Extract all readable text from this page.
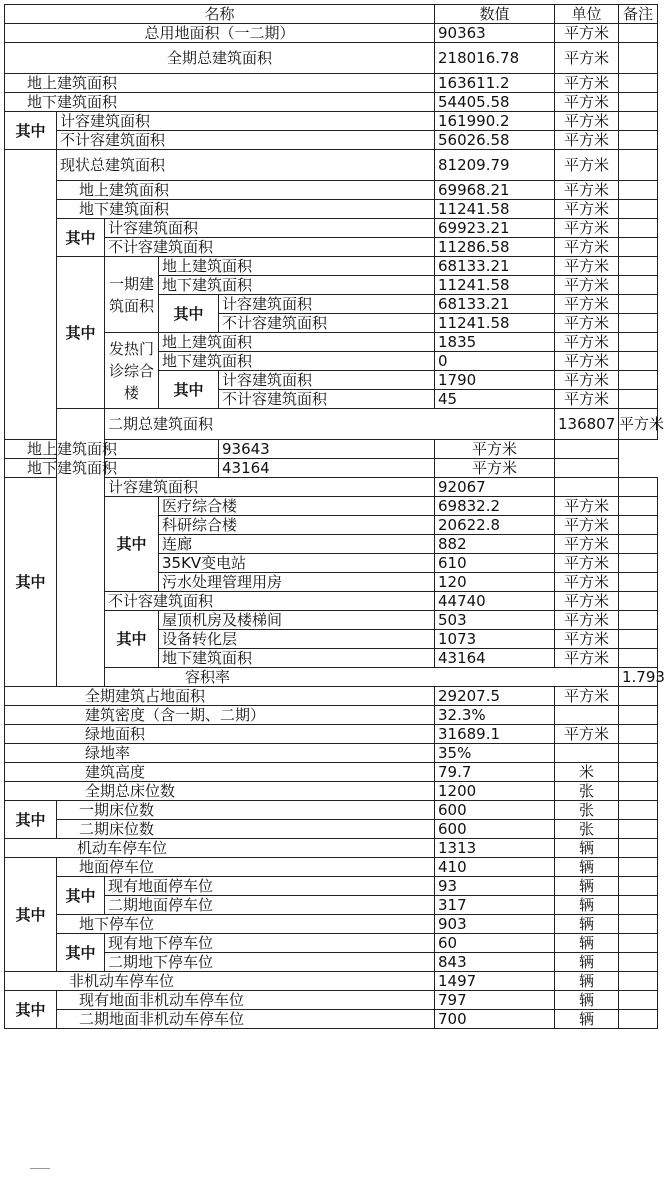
名称					数值	单位	备注	
总用地面积（一二期）					90363	平方米		
全期总建筑面积					218016.78	平方米		
地上建筑面积					163611.2	平方米		
地下建筑面积					54405.58	平方米		
其中	计容建筑面积				161990.2	平方米		
	不计容建筑面积				56026.58	平方米		
	现状总建筑面积				81209.79	平方米		
	地上建筑面积				69968.21	平方米		
	地下建筑面积				11241.58	平方米		
	其中	计容建筑面积			69923.21	平方米		
		不计容建筑面积			11286.58	平方米		
	其中	一期建筑面积	地上建筑面积		68133.21	平方米		
			地下建筑面积		11241.58	平方米		
			其中	计容建筑面积	68133.21	平方米		
				不计容建筑面积	11241.58	平方米		
		发热门诊综合楼	地上建筑面积		1835	平方米		
			地下建筑面积		0	平方米		
			其中	计容建筑面积	1790	平方米		
				不计容建筑面积	45	平方米		
		二期总建筑面积				136807	平方米	
地上建筑面积				93643	平方米			
地下建筑面积				43164	平方米			
其中		计容建筑面积			92067			
		其中	医疗综合楼		69832.2	平方米		
			科研综合楼		20622.8	平方米		
			连廊		882	平方米		
			35KV变电站		610	平方米		
			污水处理管理用房		120	平方米		
		不计容建筑面积			44740	平方米		
		其中	屋顶机房及楼梯间		503	平方米		
			设备转化层		1073	平方米		
			地下建筑面积		43164	平方米		
		容积率					1.793		
全期建筑占地面积					29207.5	平方米		
建筑密度（含一期、二期）					32.3%			
绿地面积					31689.1	平方米		
绿地率					35%			
建筑高度					79.7	米		
全期总床位数					1200	张		
其中	一期床位数				600	张		
	二期床位数				600	张		
机动车停车位					1313	辆		
其中	地面停车位				410	辆		
	其中	现有地面停车位			93	辆		
		二期地面停车位			317	辆		
	地下停车位				903	辆		
	其中	现有地下停车位			60	辆		
		二期地下停车位			843	辆		
非机动车停车位					1497	辆		
其中	现有地面非机动车停车位				797	辆		
	二期地面非机动车停车位				700	辆		
